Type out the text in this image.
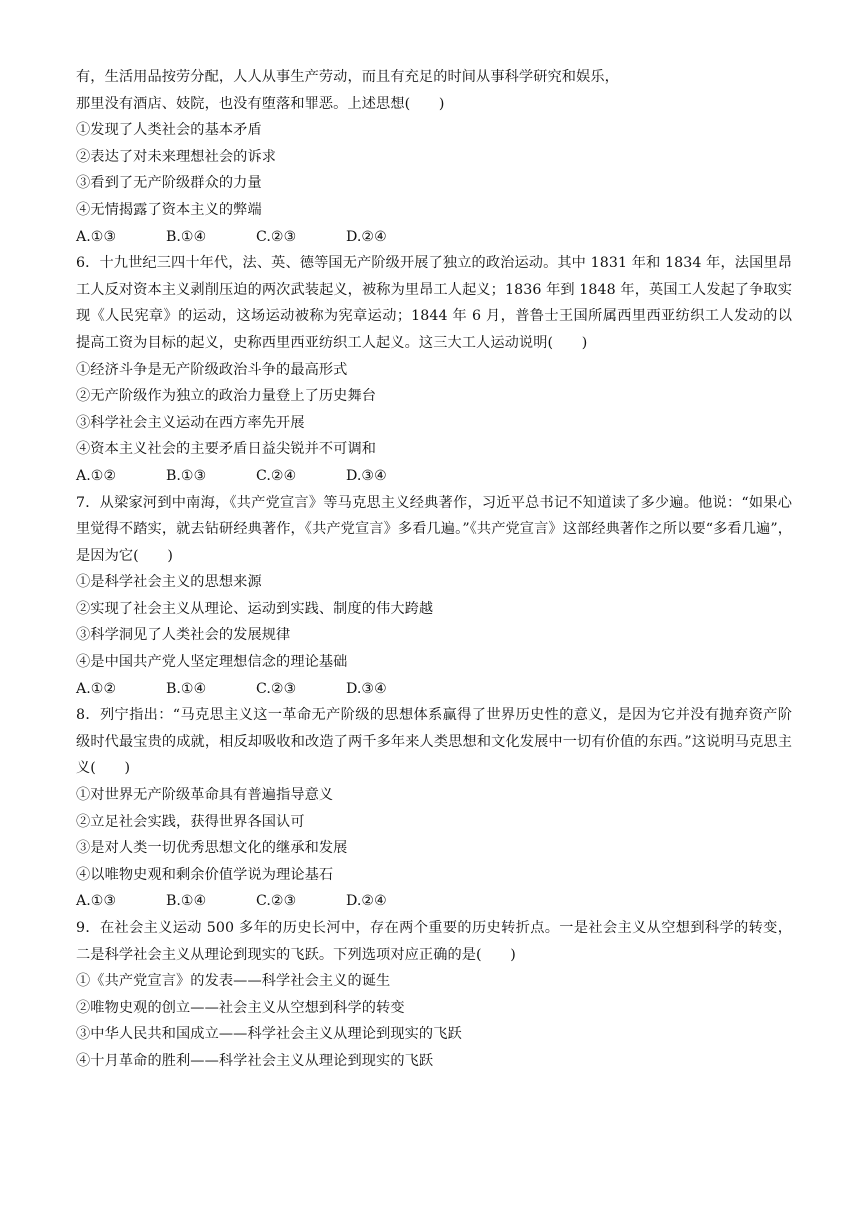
有，生活用品按劳分配，人人从事生产劳动，而且有充足的时间从事科学研究和娱乐，
那里没有酒店、妓院，也没有堕落和罪恶。上述思想(　　)
①发现了人类社会的基本矛盾
②表达了对未来理想社会的诉求
③看到了无产阶级群众的力量
④无情揭露了资本主义的弊端
A.①③	B.①④	C.②③	D.②④
6．十九世纪三四十年代，法、英、德等国无产阶级开展了独立的政治运动。其中 1831 年和 1834 年，法国里昂工人反对资本主义剥削压迫的两次武装起义，被称为里昂工人起义；1836 年到 1848 年，英国工人发起了争取实现《人民宪章》的运动，这场运动被称为宪章运动；1844 年 6 月，普鲁士王国所属西里西亚纺织工人发动的以提高工资为目标的起义，史称西里西亚纺织工人起义。这三大工人运动说明(　　)
①经济斗争是无产阶级政治斗争的最高形式
②无产阶级作为独立的政治力量登上了历史舞台
③科学社会主义运动在西方率先开展
④资本主义社会的主要矛盾日益尖锐并不可调和
A.①②	B.①③	C.②④	D.③④
7．从梁家河到中南海，《共产党宣言》等马克思主义经典著作，习近平总书记不知道读了多少遍。他说：“如果心里觉得不踏实，就去钻研经典著作，《共产党宣言》多看几遍。”《共产党宣言》这部经典著作之所以要“多看几遍”，是因为它(　　)
①是科学社会主义的思想来源
②实现了社会主义从理论、运动到实践、制度的伟大跨越
③科学洞见了人类社会的发展规律
④是中国共产党人坚定理想信念的理论基础
A.①②	B.①④	C.②③	D.③④
8．列宁指出：“马克思主义这一革命无产阶级的思想体系赢得了世界历史性的意义，是因为它并没有抛弃资产阶级时代最宝贵的成就，相反却吸收和改造了两千多年来人类思想和文化发展中一切有价值的东西。”这说明马克思主义(　　)
①对世界无产阶级革命具有普遍指导意义
②立足社会实践，获得世界各国认可
③是对人类一切优秀思想文化的继承和发展
④以唯物史观和剩余价值学说为理论基石
A.①③	B.①④	C.②③	D.②④
9．在社会主义运动 500 多年的历史长河中，存在两个重要的历史转折点。一是社会主义从空想到科学的转变，二是科学社会主义从理论到现实的飞跃。下列选项对应正确的是(　　)
①《共产党宣言》的发表——科学社会主义的诞生
②唯物史观的创立——社会主义从空想到科学的转变
③中华人民共和国成立——科学社会主义从理论到现实的飞跃
④十月革命的胜利——科学社会主义从理论到现实的飞跃
